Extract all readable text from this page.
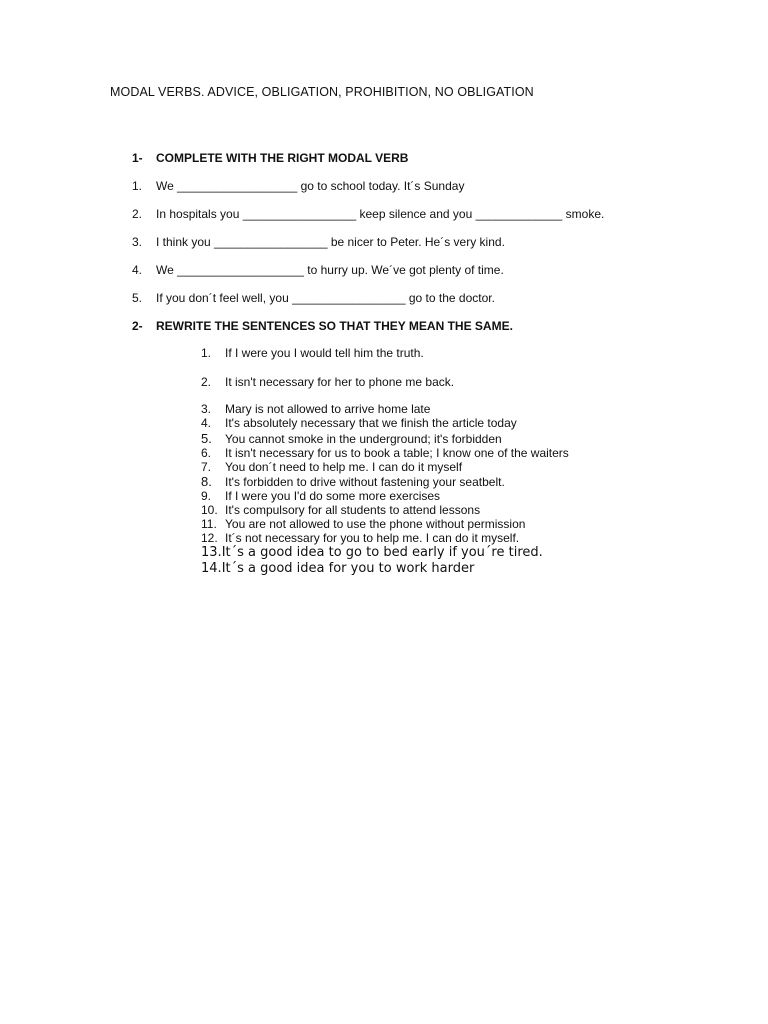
MODAL VERBS. ADVICE, OBLIGATION, PROHIBITION, NO OBLIGATION
1- COMPLETE WITH THE RIGHT MODAL VERB
1. We __________________ go to school today. It´s Sunday
2. In hospitals you _________________ keep silence and you _____________ smoke.
3. I think you _________________ be nicer to Peter. He´s very kind.
4. We ___________________ to hurry up. We´ve got plenty of time.
5. If you don´t feel well, you _________________ go to the doctor.
2- REWRITE THE SENTENCES SO THAT THEY MEAN THE SAME.
1. If I were you I would tell him the truth.
2. It isn't necessary for her to phone me back.
3. Mary is not allowed to arrive home late
4. It's absolutely necessary that we finish the article today
5. You cannot smoke in the underground; it's forbidden
6. It isn't necessary for us to book a table; I know one of the waiters
7. You don´t need to help me. I can do it myself
8. It's forbidden to drive without fastening your seatbelt.
9. If I were you I'd do some more exercises
10. It's compulsory for all students to attend lessons
11. You are not allowed to use the phone without permission
12. It´s not necessary for you to help me. I can do it myself.
13.It´s a good idea to go to bed early if you´re tired.
14.It´s a good idea for you to work harder
